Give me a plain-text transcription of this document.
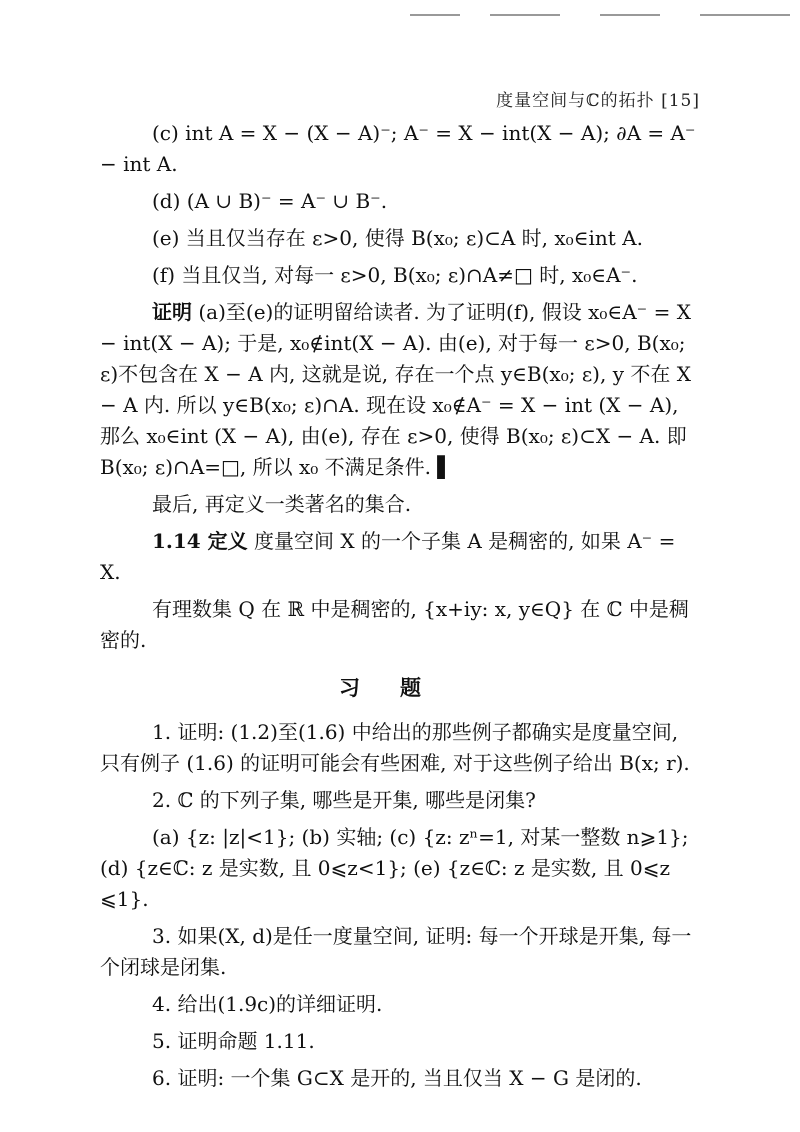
度量空间与ℂ的拓扑 [15]

(c) int A = X − (X − A)⁻; A⁻ = X − int(X − A); ∂A = A⁻ − int A.

(d) (A ∪ B)⁻ = A⁻ ∪ B⁻.

(e) 当且仅当存在 ε>0, 使得 B(x₀; ε)⊂A 时, x₀∈int A.

(f) 当且仅当, 对每一 ε>0, B(x₀; ε)∩A≠□ 时, x₀∈A⁻.

证明 (a)至(e)的证明留给读者. 为了证明(f), 假设 x₀∈A⁻ = X − int(X − A); 于是, x₀∉int(X − A). 由(e), 对于每一 ε>0, B(x₀; ε)不包含在 X − A 内, 这就是说, 存在一个点 y∈B(x₀; ε), y 不在 X − A 内. 所以 y∈B(x₀; ε)∩A. 现在设 x₀∉A⁻ = X − int (X − A), 那么 x₀∈int (X − A), 由(e), 存在 ε>0, 使得 B(x₀; ε)⊂X − A. 即 B(x₀; ε)∩A=□, 所以 x₀ 不满足条件. ▌

最后, 再定义一类著名的集合.

1.14 定义 度量空间 X 的一个子集 A 是稠密的, 如果 A⁻ = X.

有理数集 Q 在 ℝ 中是稠密的, {x+iy: x, y∈Q} 在 ℂ 中是稠密的.

习题

1. 证明: (1.2)至(1.6) 中给出的那些例子都确实是度量空间, 只有例子 (1.6) 的证明可能会有些困难, 对于这些例子给出 B(x; r).

2. ℂ 的下列子集, 哪些是开集, 哪些是闭集?

(a) {z: |z|<1}; (b) 实轴; (c) {z: zⁿ=1, 对某一整数 n⩾1}; (d) {z∈ℂ: z 是实数, 且 0⩽z<1}; (e) {z∈ℂ: z 是实数, 且 0⩽z ⩽1}.

3. 如果(X, d)是任一度量空间, 证明: 每一个开球是开集, 每一个闭球是闭集.

4. 给出(1.9c)的详细证明.

5. 证明命题 1.11.

6. 证明: 一个集 G⊂X 是开的, 当且仅当 X − G 是闭的.
